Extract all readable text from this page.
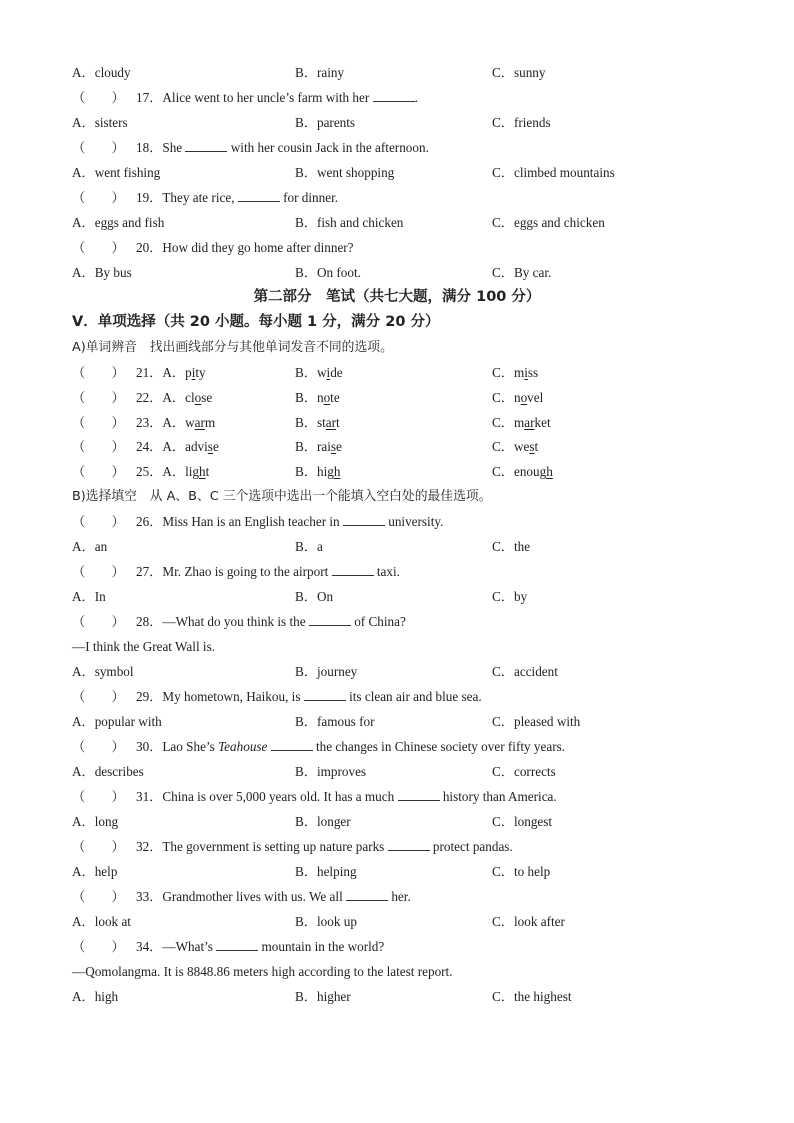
A．cloudy	B．rainy	C．sunny
（　　） 17．Alice went to her uncle’s farm with her	.
A．sisters	B．parents	C．friends
（　　） 18．She	with her cousin Jack in the afternoon.
A．went fishing	B．went shopping	C．climbed mountains
（　　） 19．They ate rice,	for dinner.
A．eggs and fish	B．fish and chicken	C．eggs and chicken
（　　） 20．How did they go home after dinner?
A．By bus	B．On foot.	C．By car.
第二部分　笔试（共七大题，满分 100 分）
V．单项选择（共 20 小题。每小题 1 分，满分 20 分）
A)单词辨音　找出画线部分与其他单词发音不同的选项。
（　　） 21．A．pity	B．wide	C．miss
（　　） 22．A．close	B．note	C．novel
（　　） 23．A．warm	B．start	C．market
（　　） 24．A．advise	B．raise	C．west
（　　） 25．A．light	B．high	C．enough
B)选择填空　从 A、B、C 三个选项中选出一个能填入空白处的最佳选项。
（　　） 26．Miss Han is an English teacher in	university.
A．an	B．a	C．the
（　　） 27．Mr. Zhao is going to the airport	taxi.
A．In	B．On	C．by
（　　） 28．—What do you think is the	of China?
—I think the Great Wall is.
A．symbol	B．journey	C．accident
（　　） 29．My hometown, Haikou, is	its clean air and blue sea.
A．popular with	B．famous for	C．pleased with
（　　） 30．Lao She’s Teahouse	the changes in Chinese society over fifty years.
A．describes	B．improves	C．corrects
（　　） 31．China is over 5,000 years old. It has a much	history than America.
A．long	B．longer	C．longest
（　　） 32．The government is setting up nature parks	protect pandas.
A．help	B．helping	C．to help
（　　） 33．Grandmother lives with us. We all	her.
A．look at	B．look up	C．look after
（　　） 34．—What’s	mountain in the world?
—Qomolangma. It is 8848.86 meters high according to the latest report.
A．high	B．higher	C．the highest
